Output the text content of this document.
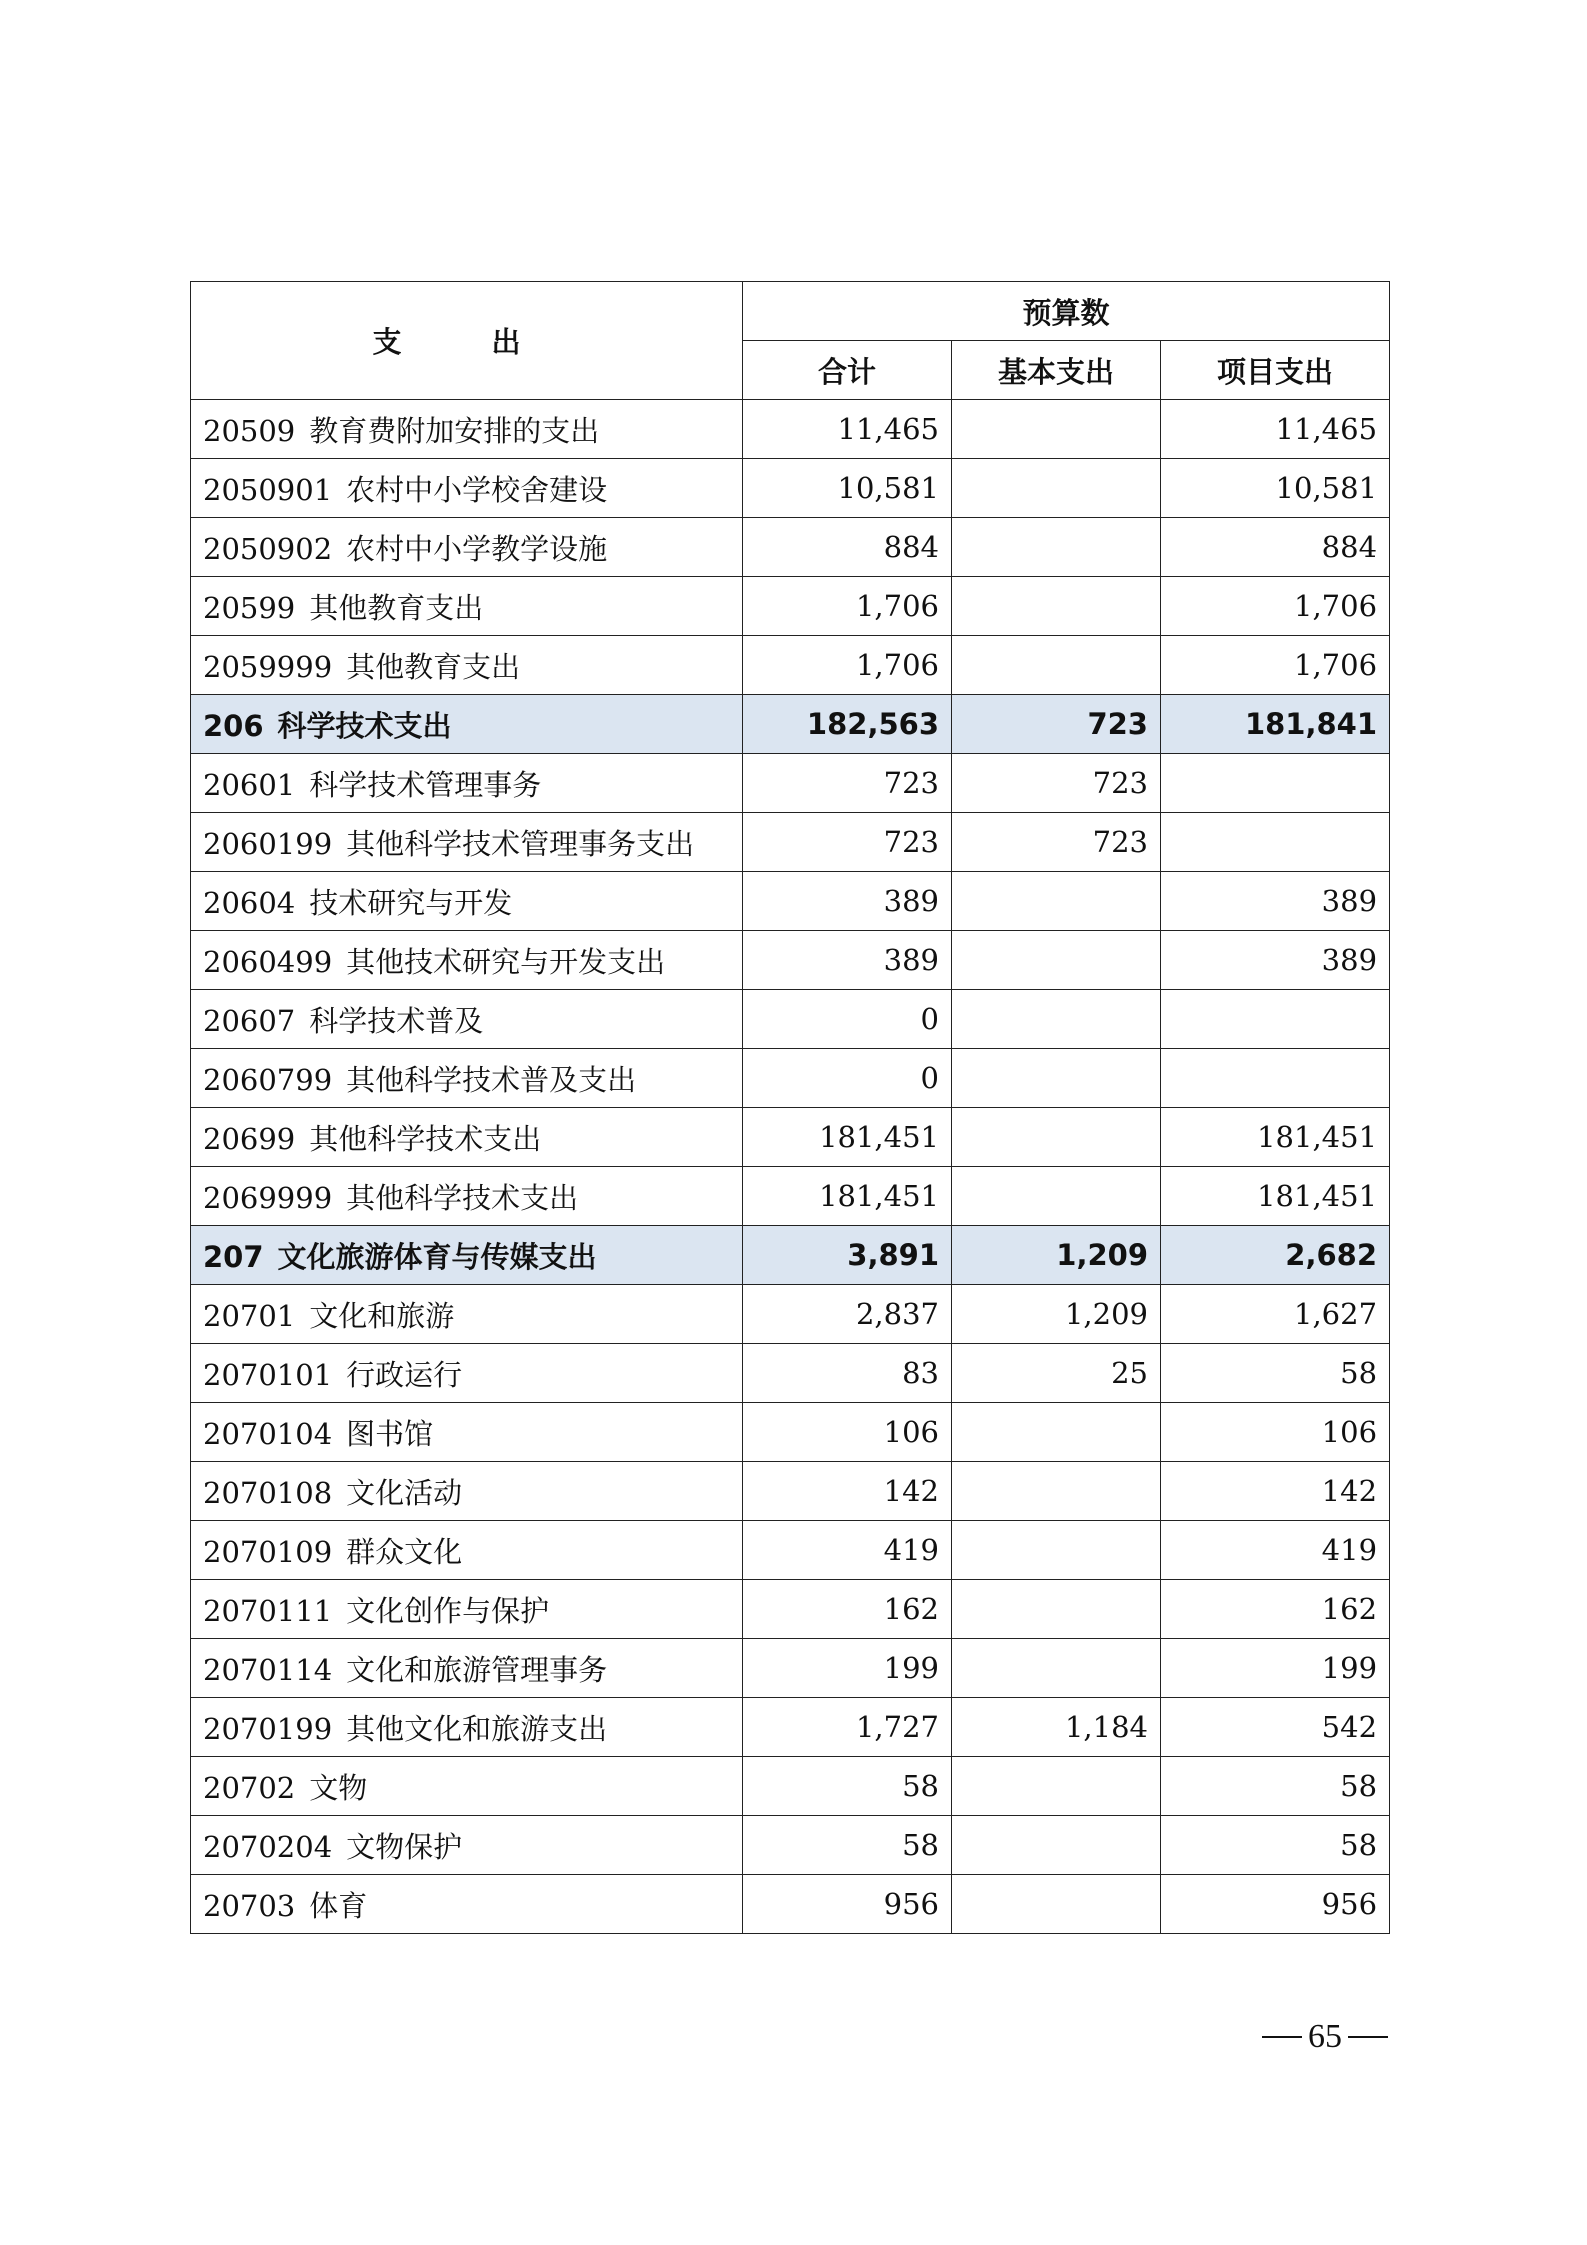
支 出	预算数		
	合计	基本支出	项目支出
20509 教育费附加安排的支出	11,465		11,465
2050901 农村中小学校舍建设	10,581		10,581
2050902 农村中小学教学设施	884		884
20599 其他教育支出	1,706		1,706
2059999 其他教育支出	1,706		1,706
206 科学技术支出	182,563	723	181,841
20601 科学技术管理事务	723	723	
2060199 其他科学技术管理事务支出	723	723	
20604 技术研究与开发	389		389
2060499 其他技术研究与开发支出	389		389
20607 科学技术普及	0		
2060799 其他科学技术普及支出	0		
20699 其他科学技术支出	181,451		181,451
2069999 其他科学技术支出	181,451		181,451
207 文化旅游体育与传媒支出	3,891	1,209	2,682
20701 文化和旅游	2,837	1,209	1,627
2070101 行政运行	83	25	58
2070104 图书馆	106		106
2070108 文化活动	142		142
2070109 群众文化	419		419
2070111 文化创作与保护	162		162
2070114 文化和旅游管理事务	199		199
2070199 其他文化和旅游支出	1,727	1,184	542
20702 文物	58		58
2070204 文物保护	58		58
20703 体育	956		956
65
